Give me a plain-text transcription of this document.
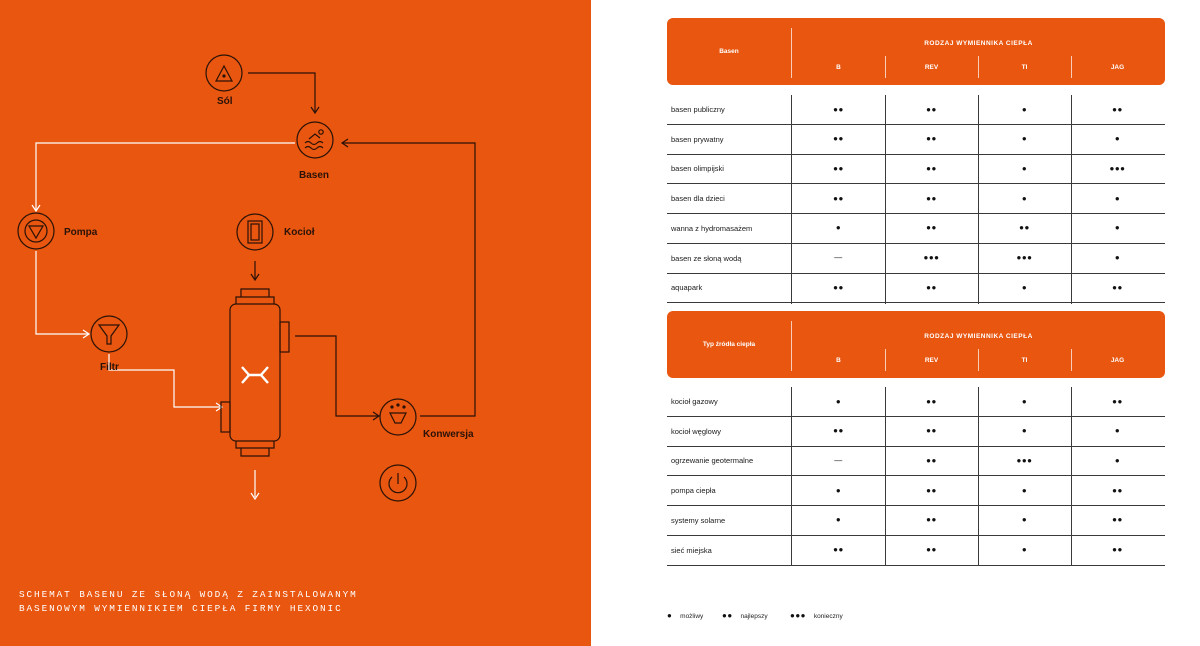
Sól
Basen
Pompa	Kocioł
Filtr
Konwersja
SCHEMAT BASENU ZE SŁONĄ WODĄ Z ZAINSTALOWANYM
BASENOWYM WYMIENNIKIEM CIEPŁA FIRMY HEXONIC
Basen
RODZAJ WYMIENNIKA CIEPŁA
B	REV	TI	JAG
basen publiczny	●●	●●	●	●●
basen prywatny	●●	●●	●	●
basen olimpijski	●●	●●	●	●●●
basen dla dzieci	●●	●●	●	●
wanna z hydromasażem	●	●●	●●	●
basen ze słoną wodą	—	●●●	●●●	●
aquapark	●●	●●	●	●●
Typ źródła ciepła
RODZAJ WYMIENNIKA CIEPŁA
B	REV	TI	JAG
kocioł gazowy	●	●●	●	●●
kocioł węglowy	●●	●●	●	●
ogrzewanie geotermalne	—	●●	●●●	●
pompa ciepła	●	●●	●	●●
systemy solarne	●	●●	●	●●
sieć miejska	●●	●●	●	●●
● możliwy ●● najlepszy	●●● konieczny
